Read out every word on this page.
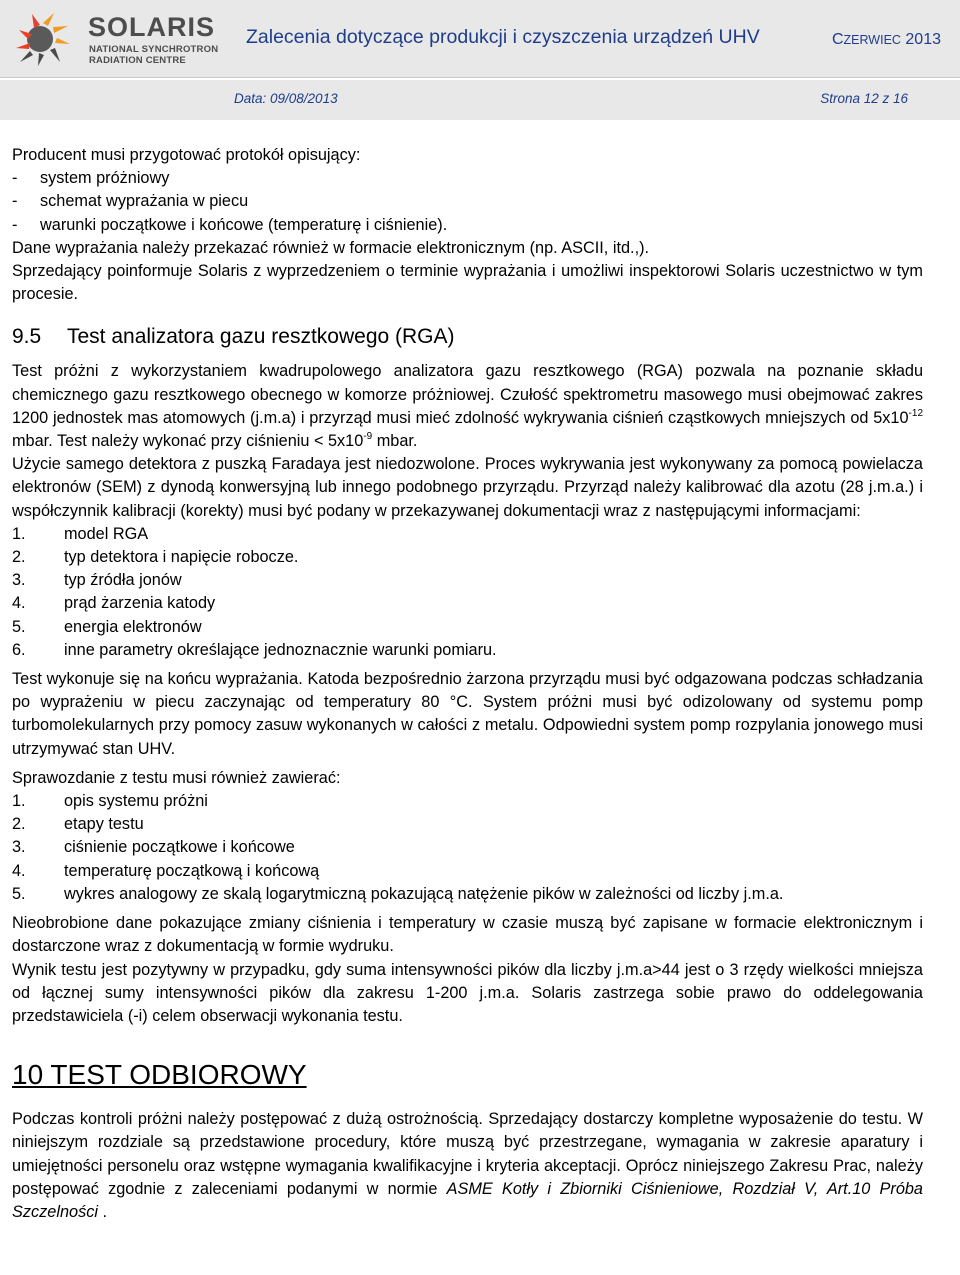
SOLARIS
NATIONAL SYNCHROTRON
RADIATION CENTRE
Zalecenia dotyczące produkcji i czyszczenia urządzeń UHV	CZERWIEC 2013
Data: 09/08/2013	Strona 12 z 16
Producent musi przygotować protokół opisujący:
-	system próżniowy
-	schemat wyprażania w piecu
-	warunki początkowe i końcowe (temperaturę i ciśnienie).
Dane wyprażania należy przekazać również w formacie elektronicznym (np. ASCII, itd.,).
Sprzedający poinformuje Solaris z wyprzedzeniem o terminie wyprażania i umożliwi inspektorowi Solaris uczestnictwo w tym procesie.
9.5	Test analizatora gazu resztkowego (RGA)
Test próżni z wykorzystaniem kwadrupolowego analizatora gazu resztkowego (RGA) pozwala na poznanie składu chemicznego gazu resztkowego obecnego w komorze próżniowej. Czułość spektrometru masowego musi obejmować zakres 1200 jednostek mas atomowych (j.m.a) i przyrząd musi mieć zdolność wykrywania ciśnień cząstkowych mniejszych od $5x10^{-12}$ mbar. Test należy wykonać przy ciśnieniu < $5x10^{-9}$ mbar.
Użycie samego detektora z puszką Faradaya jest niedozwolone. Proces wykrywania jest wykonywany za pomocą powielacza elektronów (SEM) z dynodą konwersyjną lub innego podobnego przyrządu. Przyrząd należy kalibrować dla azotu (28 j.m.a.) i współczynnik kalibracji (korekty) musi być podany w przekazywanej dokumentacji wraz z następującymi informacjami:
1.	model RGA
2.	typ detektora i napięcie robocze.
3.	typ źródła jonów
4.	prąd żarzenia katody
5.	energia elektronów
6.	inne parametry określające jednoznacznie warunki pomiaru.
Test wykonuje się na końcu wyprażania. Katoda bezpośrednio żarzona przyrządu musi być odgazowana podczas schładzania po wyprażeniu w piecu zaczynając od temperatury 80 °C. System próżni musi być odizolowany od systemu pomp turbomolekularnych przy pomocy zasuw wykonanych w całości z metalu. Odpowiedni system pomp rozpylania jonowego musi utrzymywać stan UHV.
Sprawozdanie z testu musi również zawierać:
1.	opis systemu próżni
2.	etapy testu
3.	ciśnienie początkowe i końcowe
4.	temperaturę początkową i końcową
5.	wykres analogowy ze skalą logarytmiczną pokazującą natężenie pików w zależności od liczby j.m.a.
Nieobrobione dane pokazujące zmiany ciśnienia i temperatury w czasie muszą być zapisane w formacie elektronicznym i dostarczone wraz z dokumentacją w formie wydruku.
Wynik testu jest pozytywny w przypadku, gdy suma intensywności pików dla liczby j.m.a>44 jest o 3 rzędy wielkości mniejsza od łącznej sumy intensywności pików dla zakresu 1-200 j.m.a. Solaris zastrzega sobie prawo do oddelegowania przedstawiciela (-i) celem obserwacji wykonania testu.
10 TEST ODBIOROWY
Podczas kontroli próżni należy postępować z dużą ostrożnością. Sprzedający dostarczy kompletne wyposażenie do testu. W niniejszym rozdziale są przedstawione procedury, które muszą być przestrzegane, wymagania w zakresie aparatury i umiejętności personelu oraz wstępne wymagania kwalifikacyjne i kryteria akceptacji. Oprócz niniejszego Zakresu Prac, należy postępować zgodnie z zaleceniami podanymi w normie ASME Kotły i Zbiorniki Ciśnieniowe, Rozdział V, Art.10 Próba Szczelności .
